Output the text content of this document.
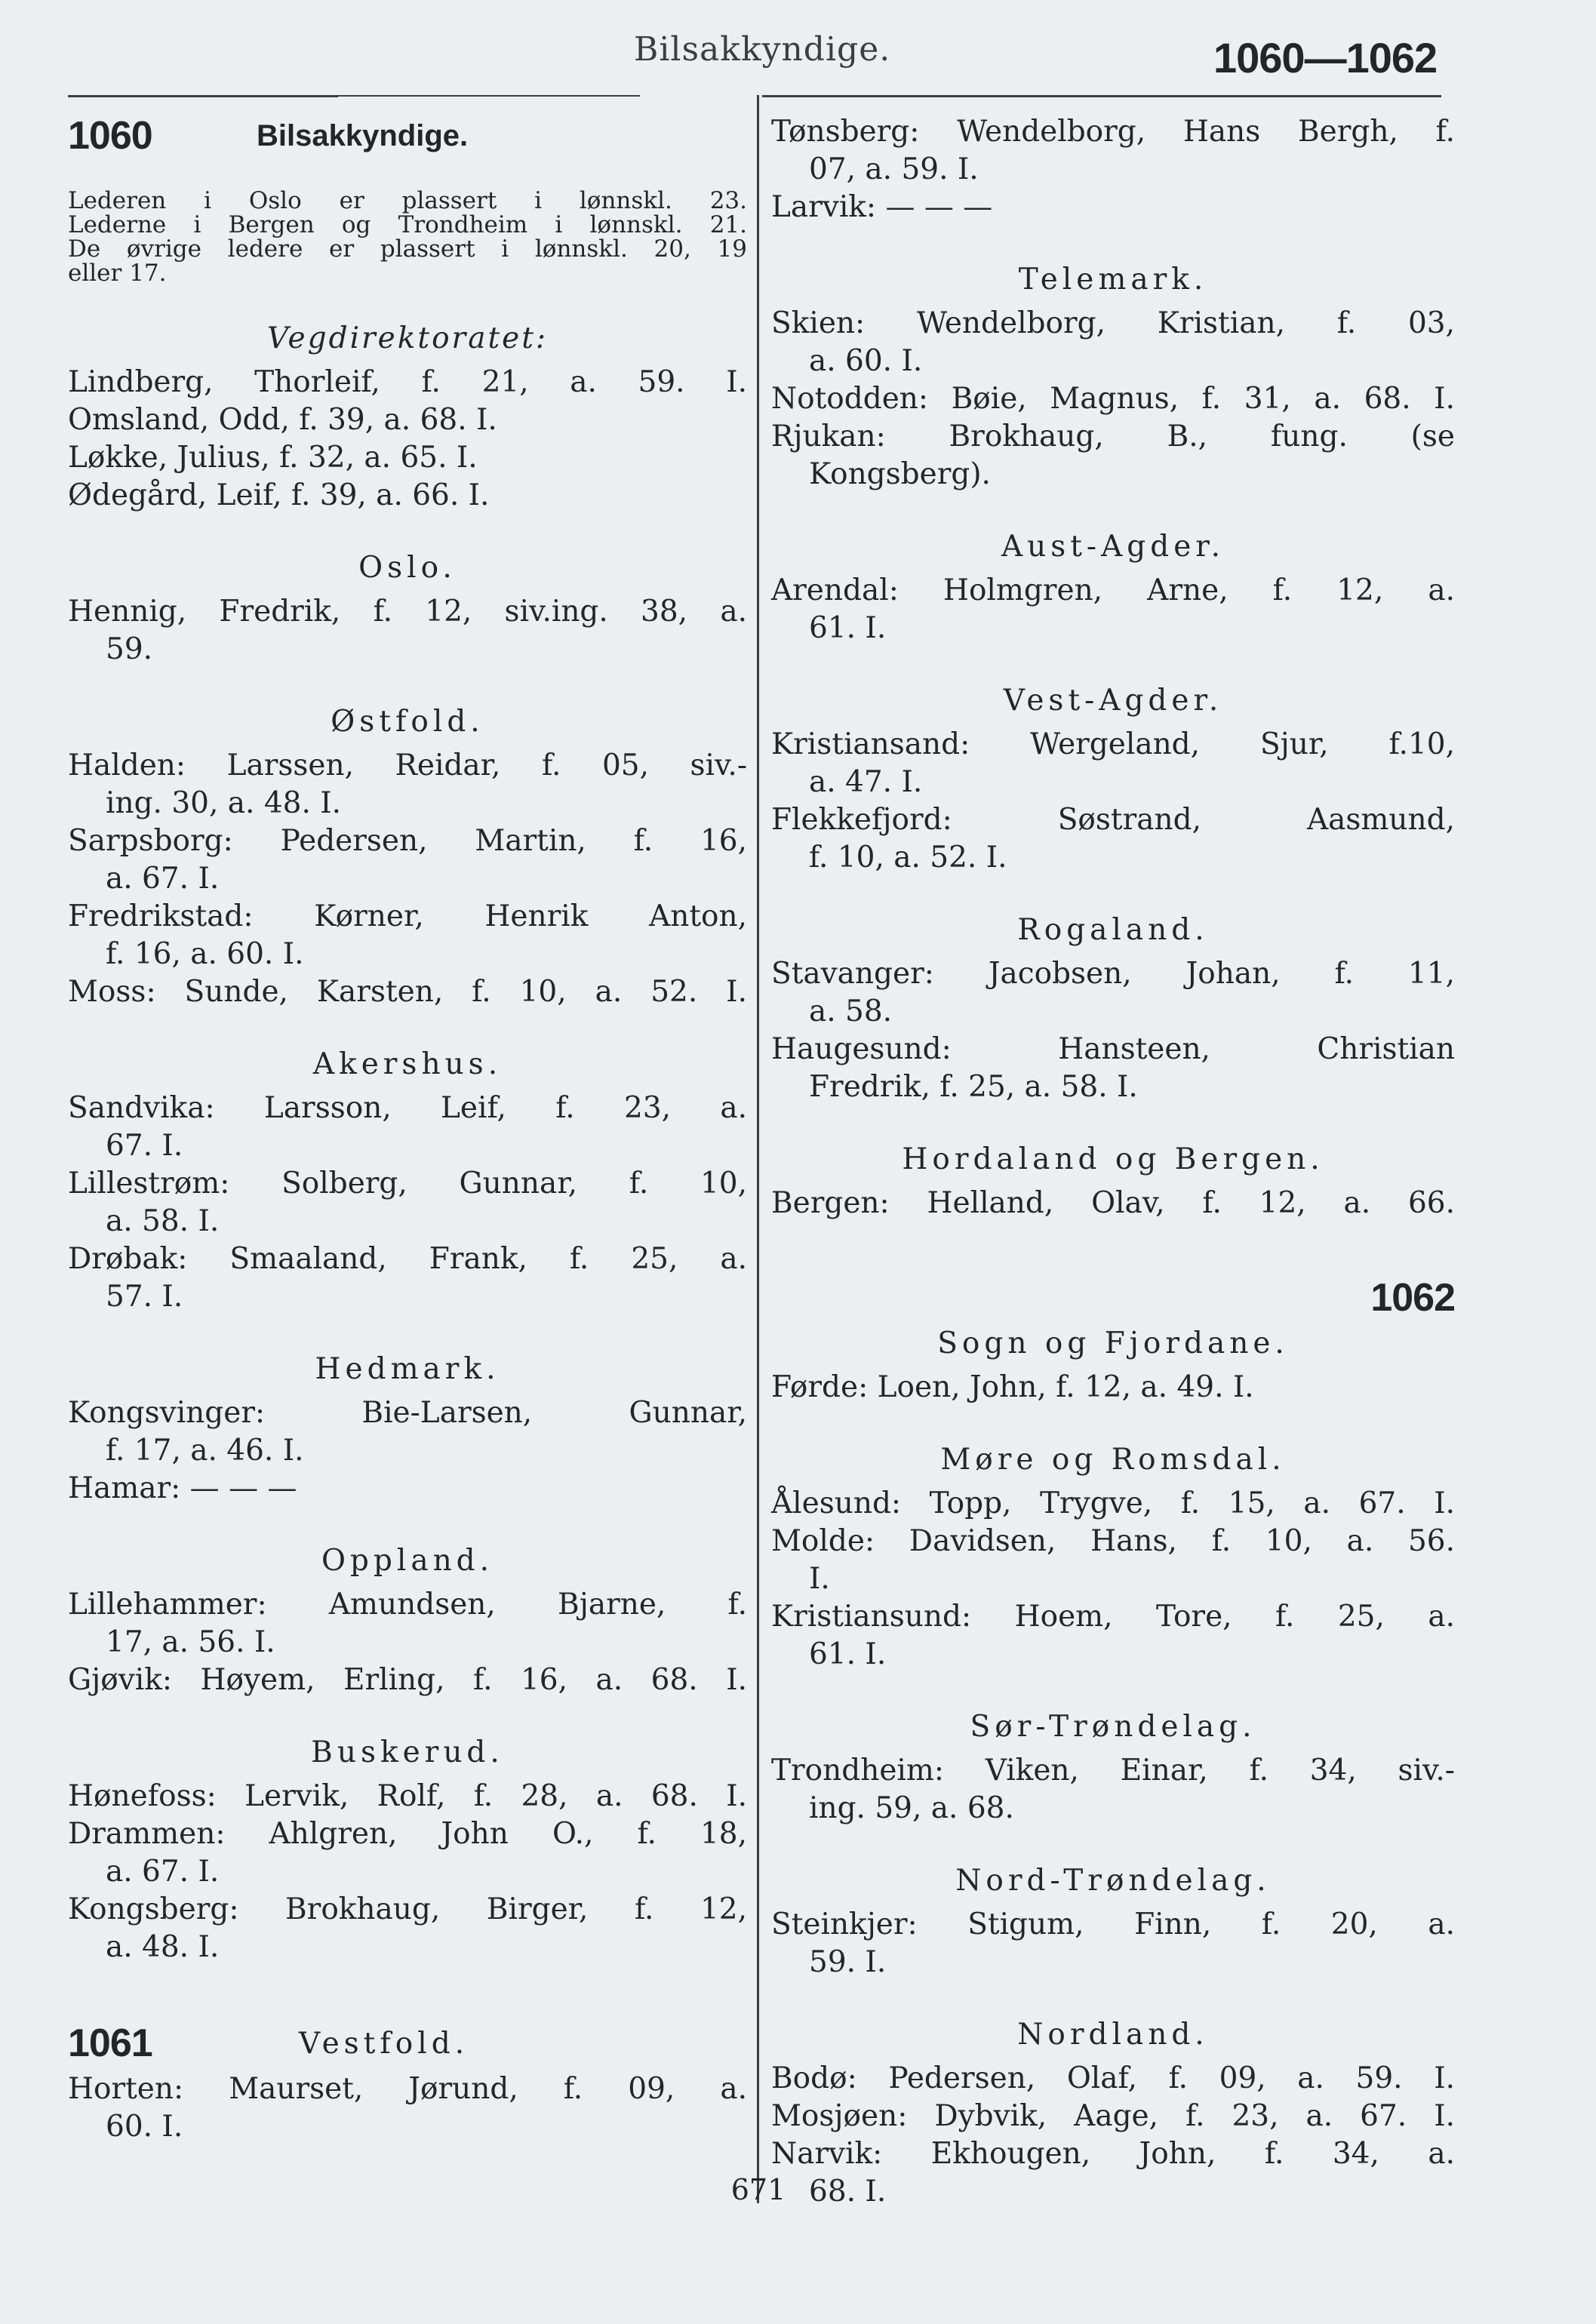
Bilsakkyndige.	1060—1062
1060	Bilsakkyndige.
Lederen i Oslo er plassert i lønnskl. 23.
Lederne i Bergen og Trondheim i lønnskl. 21.
De øvrige ledere er plassert i lønnskl. 20, 19
eller 17.
Vegdirektoratet:
Lindberg, Thorleif, f. 21, a. 59. I.
Omsland, Odd, f. 39, a. 68. I.
Løkke, Julius, f. 32, a. 65. I.
Ødegård, Leif, f. 39, a. 66. I.
Oslo.
Hennig, Fredrik, f. 12, siv.ing. 38, a.
59.
Østfold.
Halden: Larssen, Reidar, f. 05, siv.-
ing. 30, a. 48. I.
Sarpsborg: Pedersen, Martin, f. 16,
a. 67. I.
Fredrikstad: Kørner, Henrik Anton,
f. 16, a. 60. I.
Moss: Sunde, Karsten, f. 10, a. 52. I.
Akershus.
Sandvika: Larsson, Leif, f. 23, a.
67. I.
Lillestrøm: Solberg, Gunnar, f. 10,
a. 58. I.
Drøbak: Smaaland, Frank, f. 25, a.
57. I.
Hedmark.
Kongsvinger: Bie-Larsen, Gunnar,
f. 17, a. 46. I.
Hamar: — — —
Oppland.
Lillehammer: Amundsen, Bjarne, f.
17, a. 56. I.
Gjøvik: Høyem, Erling, f. 16, a. 68. I.
Buskerud.
Hønefoss: Lervik, Rolf, f. 28, a. 68. I.
Drammen: Ahlgren, John O., f. 18,
a. 67. I.
Kongsberg: Brokhaug, Birger, f. 12,
a. 48. I.
1061	Vestfold.
Horten: Maurset, Jørund, f. 09, a.
60. I.
Tønsberg: Wendelborg, Hans Bergh, f.
07, a. 59. I.
Larvik: — — —
Telemark.
Skien: Wendelborg, Kristian, f. 03,
a. 60. I.
Notodden: Bøie, Magnus, f. 31, a. 68. I.
Rjukan: Brokhaug, B., fung. (se
Kongsberg).
Aust-Agder.
Arendal: Holmgren, Arne, f. 12, a.
61. I.
Vest-Agder.
Kristiansand: Wergeland, Sjur, f.10,
a. 47. I.
Flekkefjord: Søstrand, Aasmund,
f. 10, a. 52. I.
Rogaland.
Stavanger: Jacobsen, Johan, f. 11,
a. 58.
Haugesund: Hansteen, Christian
Fredrik, f. 25, a. 58. I.
Hordaland og Bergen.
Bergen: Helland, Olav, f. 12, a. 66.
1062
Sogn og Fjordane.
Førde: Loen, John, f. 12, a. 49. I.
Møre og Romsdal.
Ålesund: Topp, Trygve, f. 15, a. 67. I.
Molde: Davidsen, Hans, f. 10, a. 56.
I.
Kristiansund: Hoem, Tore, f. 25, a.
61. I.
Sør-Trøndelag.
Trondheim: Viken, Einar, f. 34, siv.-
ing. 59, a. 68.
Nord-Trøndelag.
Steinkjer: Stigum, Finn, f. 20, a.
59. I.
Nordland.
Bodø: Pedersen, Olaf, f. 09, a. 59. I.
Mosjøen: Dybvik, Aage, f. 23, a. 67. I.
Narvik: Ekhougen, John, f. 34, a.
68. I.
671
